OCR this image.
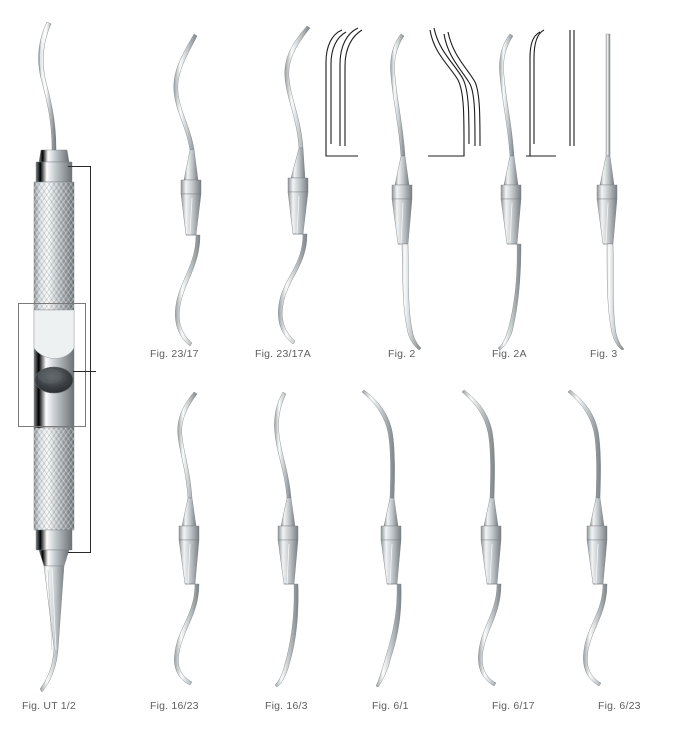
Fig. UT 1/2
Fig. 23/17	Fig. 23/17A	Fig. 2	Fig. 2A	Fig. 3
Fig. 16/23	Fig. 16/3	Fig. 6/1	Fig. 6/17	Fig. 6/23
